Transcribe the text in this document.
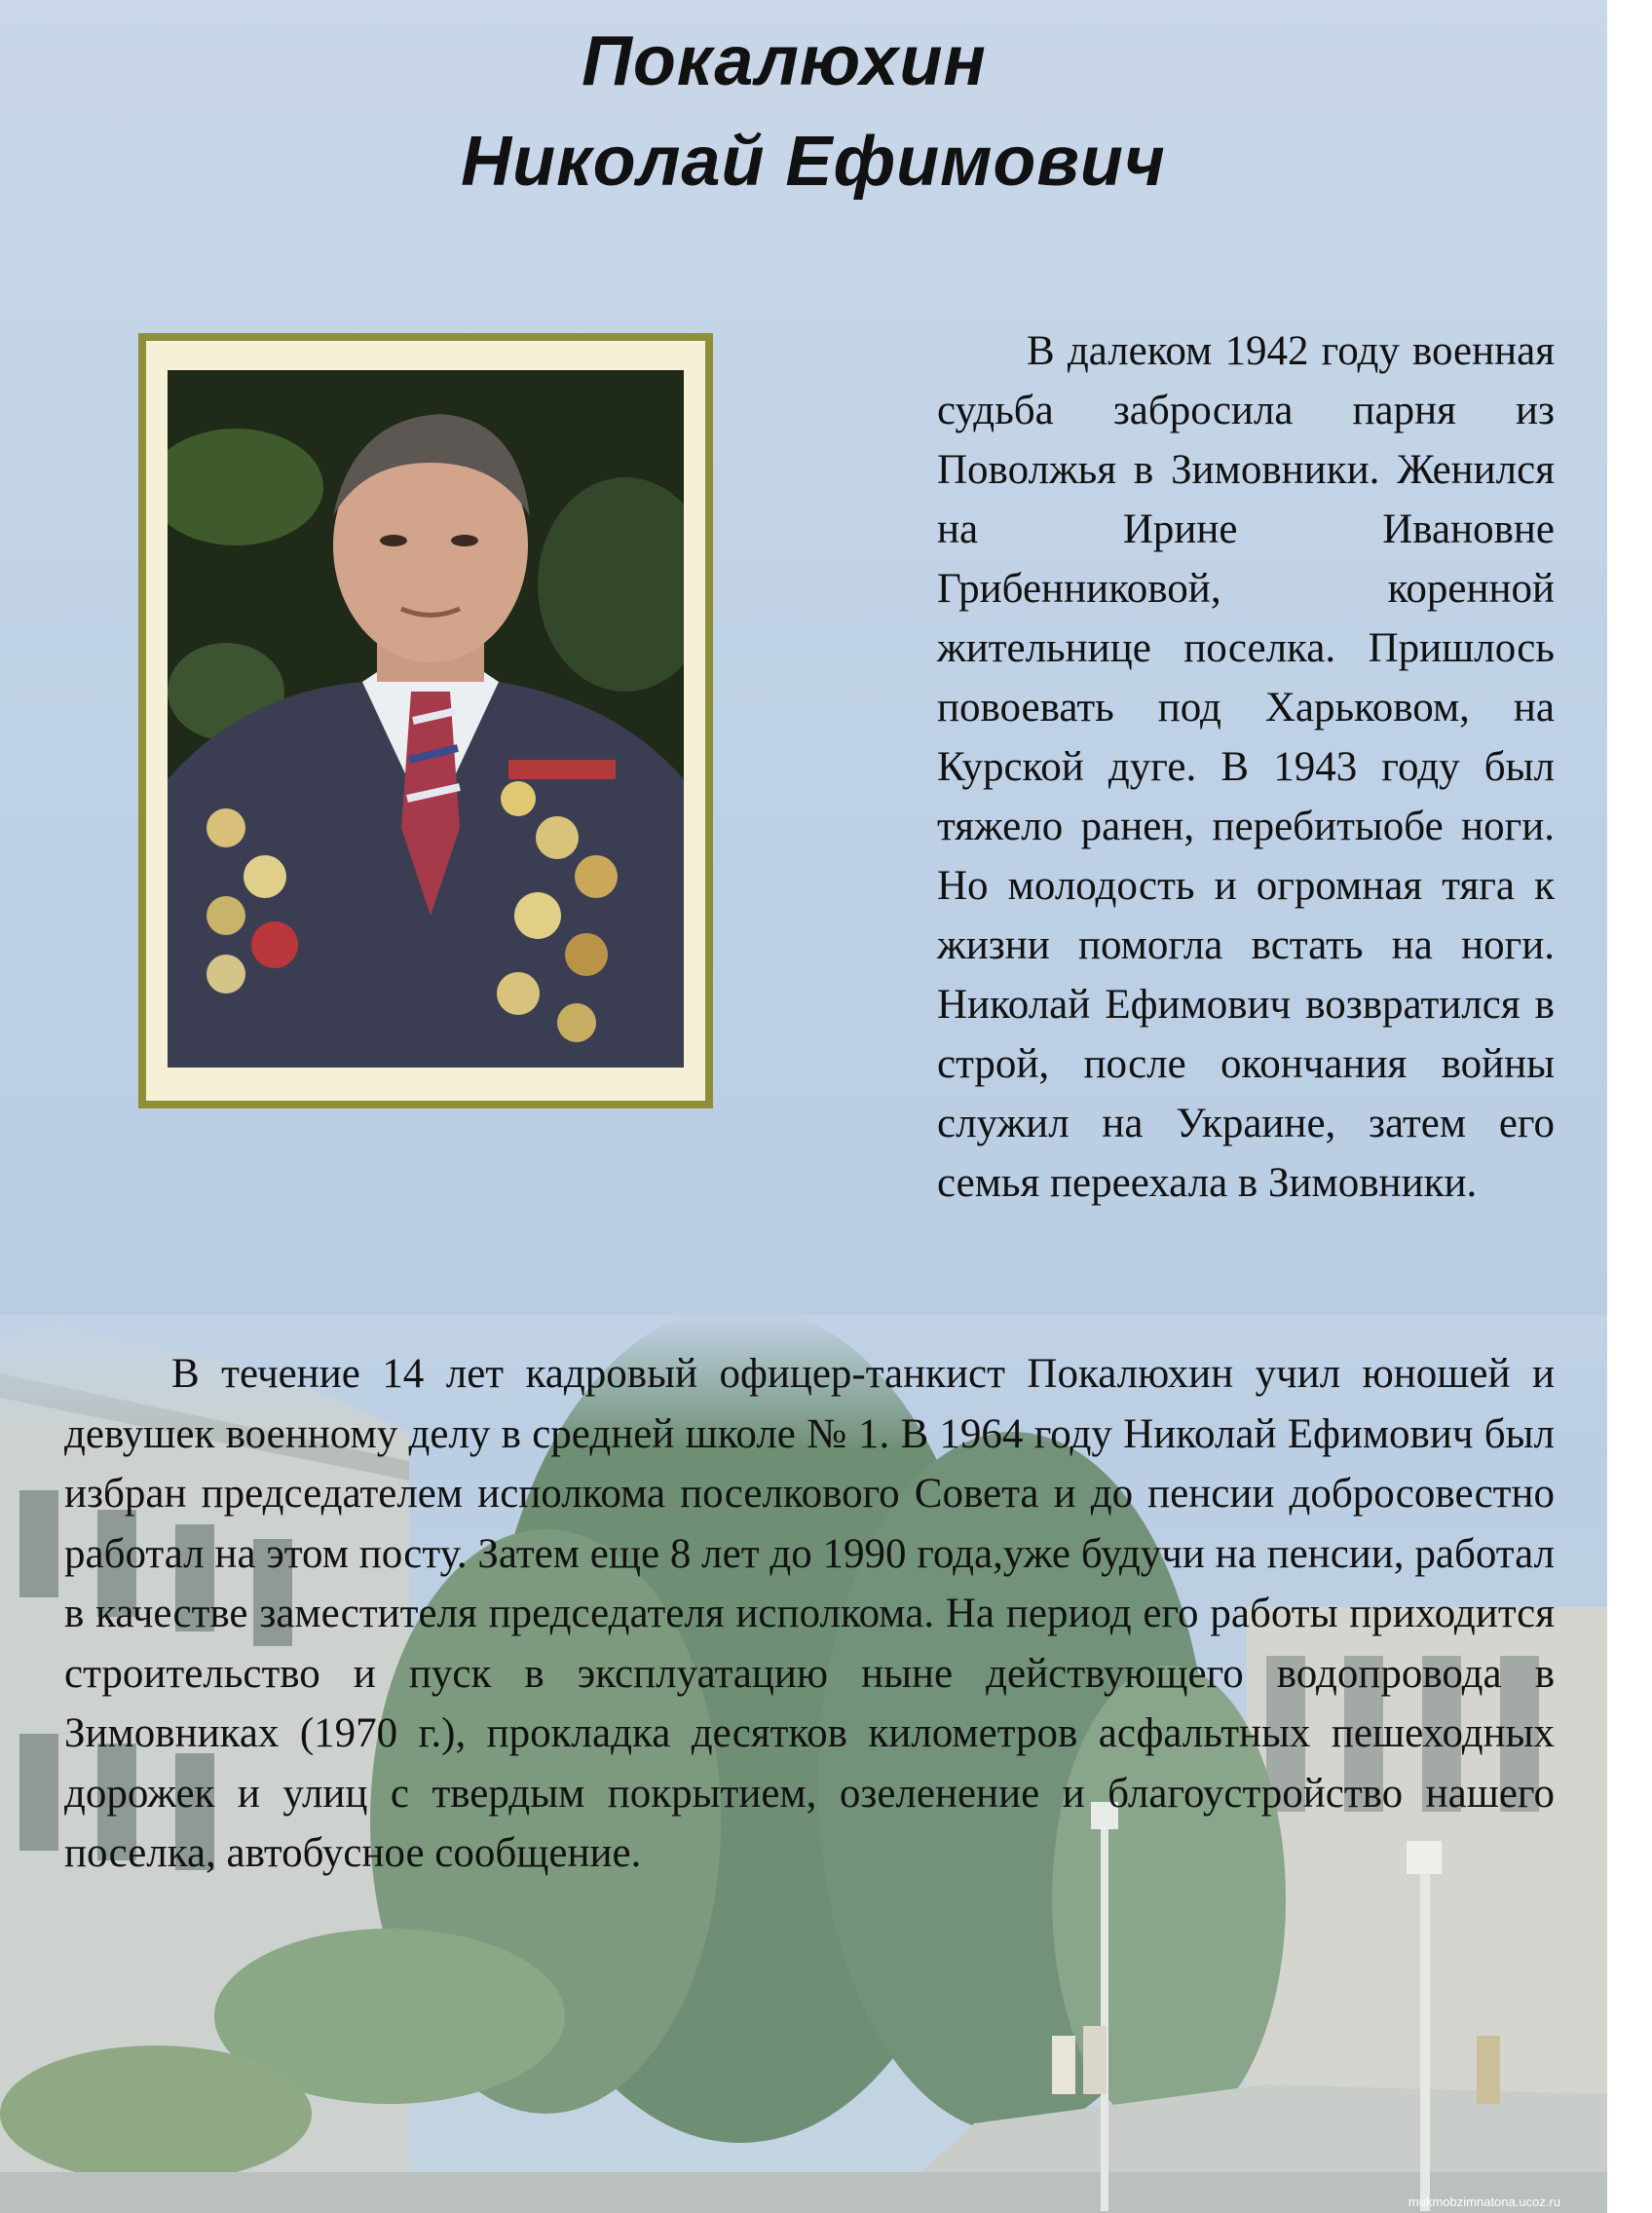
Покалюхин
Николай Ефимович

В далеком 1942 году военная судьба забросила парня из Поволжья в Зимовники. Женился на Ирине Ивановне Грибенниковой, коренной жительнице поселка. Пришлось повоевать под Харьковом, на Курской дуге. В 1943 году был тяжело ранен, перебитыобе ноги. Но молодость и огромная тяга к жизни помогла встать на ноги. Николай Ефимович возвратился в строй, после окончания войны служил на Украине, затем его семья переехала в Зимовники.

В течение 14 лет кадровый офицер-танкист Покалюхин учил юношей и девушек военному делу в средней школе № 1. В 1964 году Николай Ефимович был избран председателем исполкома поселкового Совета и до пенсии добросовестно работал на этом посту. Затем еще 8 лет до 1990 года,уже будучи на пенсии, работал в качестве заместителя председателя исполкома. На период его работы приходится строительство и пуск в эксплуатацию ныне действующего водопровода в Зимовниках (1970 г.), прокладка десятков километров асфальтных пешеходных дорожек и улиц с твердым покрытием, озеленение и благоустройство нашего поселка, автобусное сообщение.

mukmobzimnatona.ucoz.ru
